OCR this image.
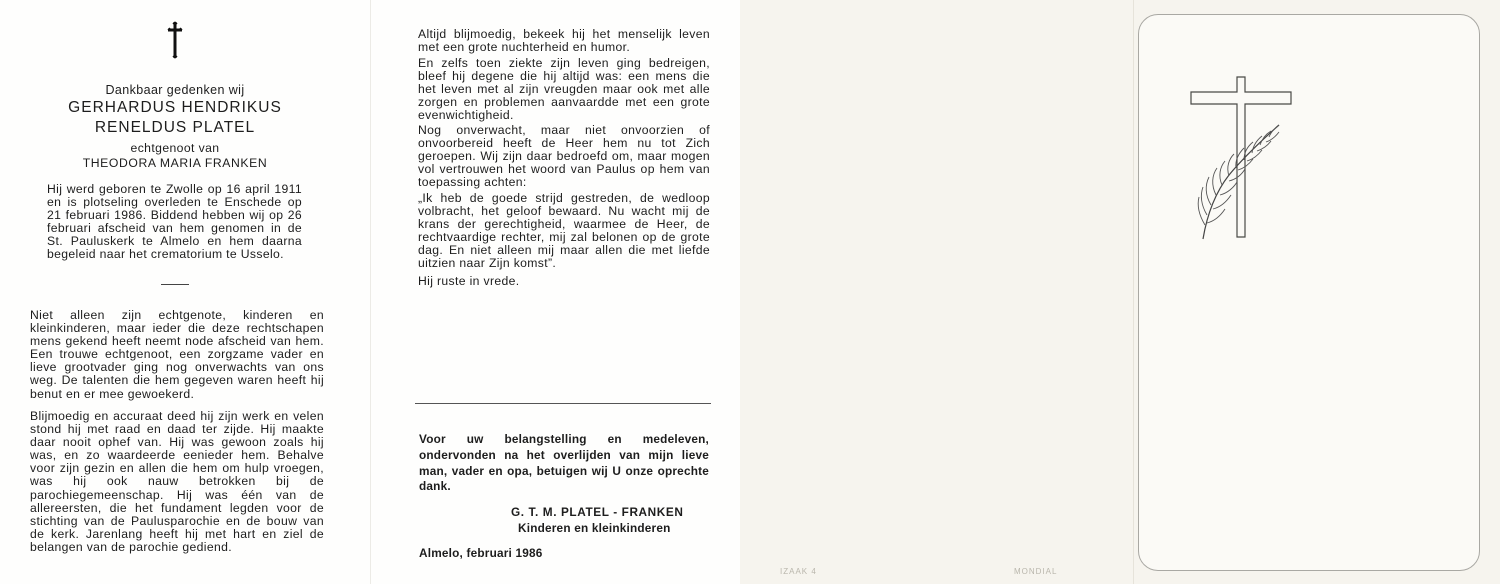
Dankbaar gedenken wij

GERHARDUS HENDRIKUS

RENELDUS PLATEL

echtgenoot van

THEODORA MARIA FRANKEN

Hij werd geboren te Zwolle op 16 april 1911 en is plotseling overleden te Enschede op 21 februari 1986. Biddend hebben wij op 26 februari afscheid van hem genomen in de St. Pauluskerk te Almelo en hem daarna begeleid naar het crematorium te Usselo.

Niet alleen zijn echtgenote, kinderen en kleinkinderen, maar ieder die deze rechtschapen mens gekend heeft neemt node afscheid van hem. Een trouwe echtgenoot, een zorgzame vader en lieve grootvader ging nog onverwachts van ons weg. De talenten die hem gegeven waren heeft hij benut en er mee gewoekerd.

Blijmoedig en accuraat deed hij zijn werk en velen stond hij met raad en daad ter zijde. Hij maakte daar nooit ophef van. Hij was gewoon zoals hij was, en zo waardeerde eenieder hem. Behalve voor zijn gezin en allen die hem om hulp vroegen, was hij ook nauw betrokken bij de parochiegemeenschap. Hij was één van de allereersten, die het fundament legden voor de stichting van de Paulusparochie en de bouw van de kerk. Jarenlang heeft hij met hart en ziel de belangen van de parochie gediend.

Altijd blijmoedig, bekeek hij het menselijk leven met een grote nuchterheid en humor.

En zelfs toen ziekte zijn leven ging bedreigen, bleef hij degene die hij altijd was: een mens die het leven met al zijn vreugden maar ook met alle zorgen en problemen aanvaardde met een grote evenwichtigheid.

Nog onverwacht, maar niet onvoorzien of onvoorbereid heeft de Heer hem nu tot Zich geroepen. Wij zijn daar bedroefd om, maar mogen vol vertrouwen het woord van Paulus op hem van toepassing achten:

„Ik heb de goede strijd gestreden, de wedloop volbracht, het geloof bewaard. Nu wacht mij de krans der gerechtigheid, waarmee de Heer, de rechtvaardige rechter, mij zal belonen op de grote dag. En niet alleen mij maar allen die met liefde uitzien naar Zijn komst”.

Hij ruste in vrede.

Voor uw belangstelling en medeleven, ondervonden na het overlijden van mijn lieve man, vader en opa, betuigen wij U onze oprechte dank.

G. T. M. PLATEL - FRANKEN

Kinderen en kleinkinderen

Almelo, februari 1986

IZAAK 4	MONDIAL
